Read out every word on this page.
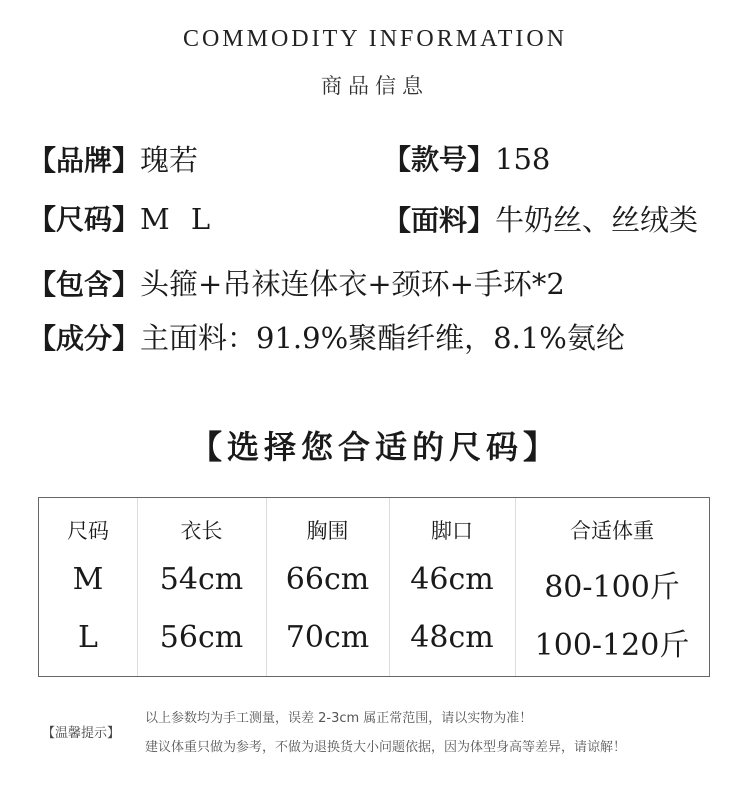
COMMODITY INFORMATION
商品信息
【品牌】瑰若	【款号】158
【尺码】M L	【面料】牛奶丝、丝绒类
【包含】头箍+吊袜连体衣+颈环+手环*2
【成分】主面料：91.9%聚酯纤维，8.1%氨纶
【选择您合适的尺码】
尺码	衣长	胸围	脚口	合适体重
M	54cm	66cm	46cm	80-100斤
L	56cm	70cm	48cm	100-120斤
【温馨提示】
以上参数均为手工测量，误差 2-3cm 属正常范围，请以实物为准！
建议体重只做为参考，不做为退换货大小问题依据，因为体型身高等差异，请谅解！
